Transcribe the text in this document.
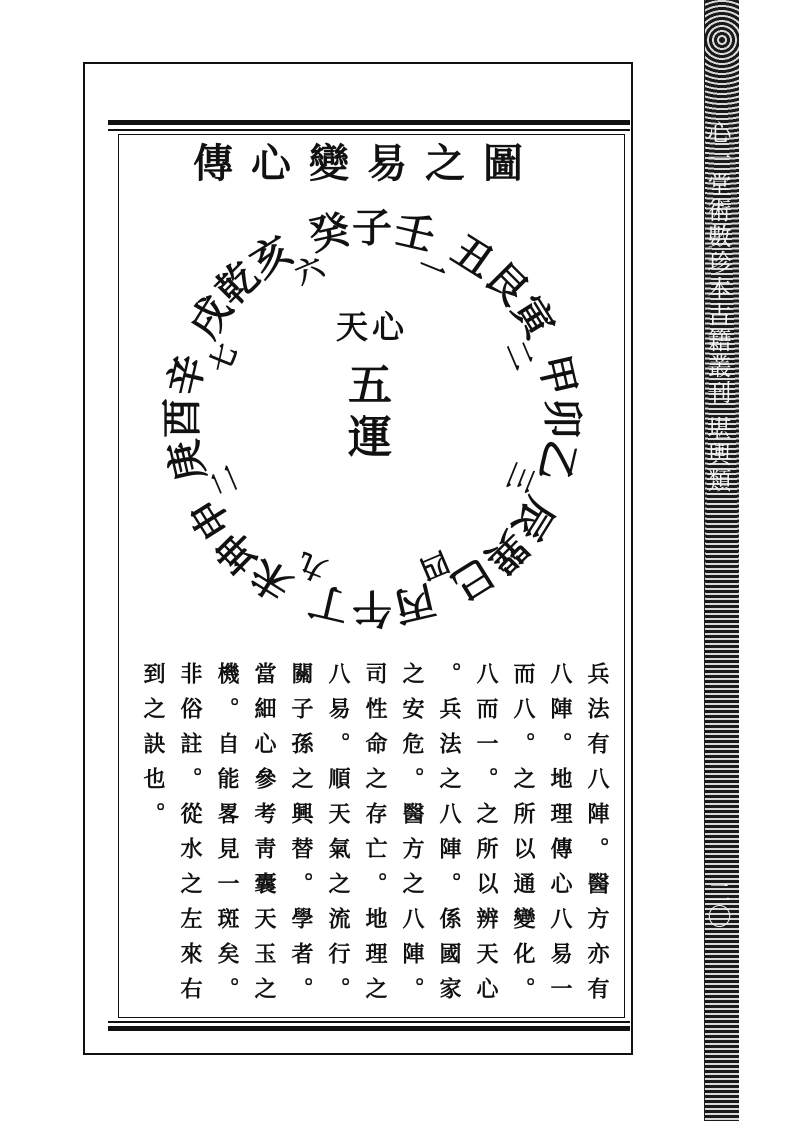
傳心變易之圖
癸
子
壬
一
丑
艮
寅
二
甲
卯
乙
三
辰
巽
巳
四
丙
午
丁
九
未
坤
申
二
庚
酉
辛
七
戌
乾
亥
六
天心
五
運
兵法有八陣。醫方亦有
八陣。地理傳心八易一
而八。之所以通變化。
八而一。之所以辨天心
。兵法之八陣。係國家
之安危。醫方之八陣。
司性命之存亡。地理之
八易。順天氣之流行。
關子孫之興替。學者。
當細心參考靑囊天玉之
機。自能畧見一斑矣。
非俗註。從水之左來右
到之訣也。
心一堂術數珍本古籍叢刊 堪輿類
二〇
